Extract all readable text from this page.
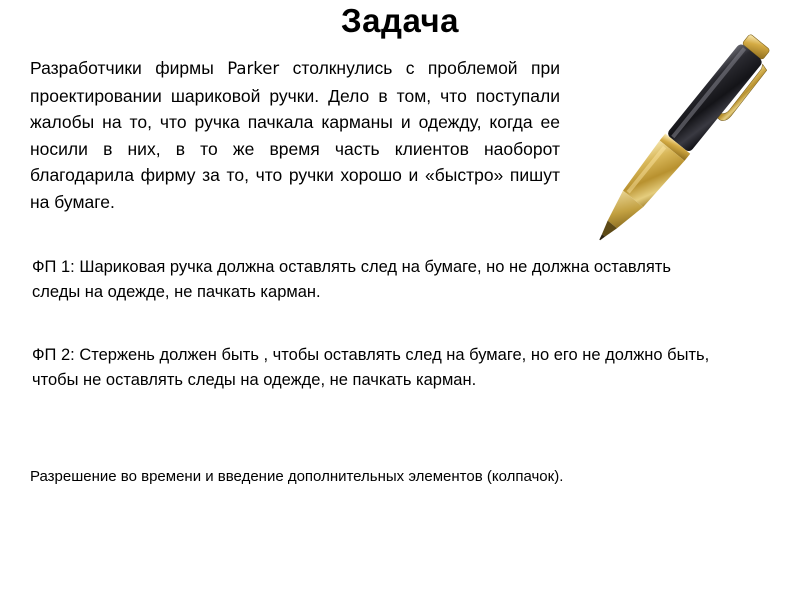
Задача
Разработчики фирмы Parker столкнулись с проблемой при проектировании шариковой ручки. Дело в том, что поступали жалобы на то, что ручка пачкала карманы и одежду, когда ее носили в них, в то же время часть клиентов наоборот благодарила фирму за то, что ручки хорошо и «быстро» пишут на бумаге.
ФП 1: Шариковая ручка должна оставлять след на бумаге, но не должна оставлять следы на одежде, не пачкать карман.
ФП 2: Стержень должен быть , чтобы оставлять след на бумаге, но его не должно быть, чтобы не оставлять следы на одежде, не пачкать карман.
Разрешение во времени и введение дополнительных элементов (колпачок).
